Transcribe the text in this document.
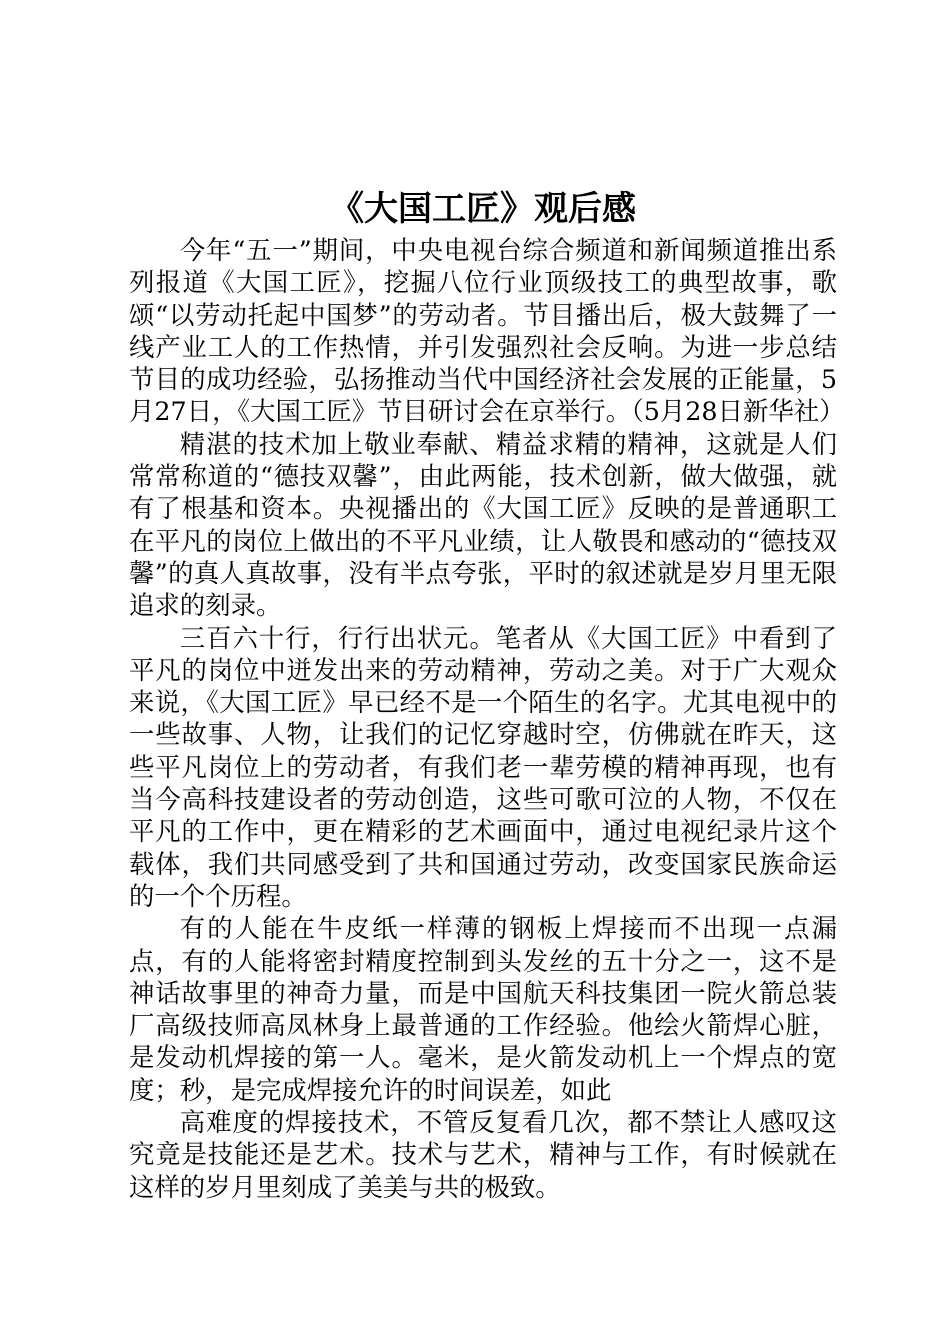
《大国工匠》观后感

今年“五一”期间，中央电视台综合频道和新闻频道推出系列报道《大国工匠》，挖掘八位行业顶级技工的典型故事，歌颂“以劳动托起中国梦”的劳动者。节目播出后，极大鼓舞了一线产业工人的工作热情，并引发强烈社会反响。为进一步总结节目的成功经验，弘扬推动当代中国经济社会发展的正能量，5月27日，《大国工匠》节目研讨会在京举行。（5月28日新华社）

精湛的技术加上敬业奉献、精益求精的精神，这就是人们常常称道的“德技双馨”，由此两能，技术创新，做大做强，就有了根基和资本。央视播出的《大国工匠》反映的是普通职工在平凡的岗位上做出的不平凡业绩，让人敬畏和感动的“德技双馨”的真人真故事，没有半点夸张，平时的叙述就是岁月里无限追求的刻录。

三百六十行，行行出状元。笔者从《大国工匠》中看到了平凡的岗位中迸发出来的劳动精神，劳动之美。对于广大观众来说，《大国工匠》早已经不是一个陌生的名字。尤其电视中的一些故事、人物，让我们的记忆穿越时空，仿佛就在昨天，这些平凡岗位上的劳动者，有我们老一辈劳模的精神再现，也有当今高科技建设者的劳动创造，这些可歌可泣的人物，不仅在平凡的工作中，更在精彩的艺术画面中，通过电视纪录片这个载体，我们共同感受到了共和国通过劳动，改变国家民族命运的一个个历程。

有的人能在牛皮纸一样薄的钢板上焊接而不出现一点漏点，有的人能将密封精度控制到头发丝的五十分之一，这不是神话故事里的神奇力量，而是中国航天科技集团一院火箭总装厂高级技师高凤林身上最普通的工作经验。他绘火箭焊心脏，是发动机焊接的第一人。毫米，是火箭发动机上一个焊点的宽度；秒，是完成焊接允许的时间误差，如此

高难度的焊接技术，不管反复看几次，都不禁让人感叹这究竟是技能还是艺术。技术与艺术，精神与工作，有时候就在这样的岁月里刻成了美美与共的极致。
